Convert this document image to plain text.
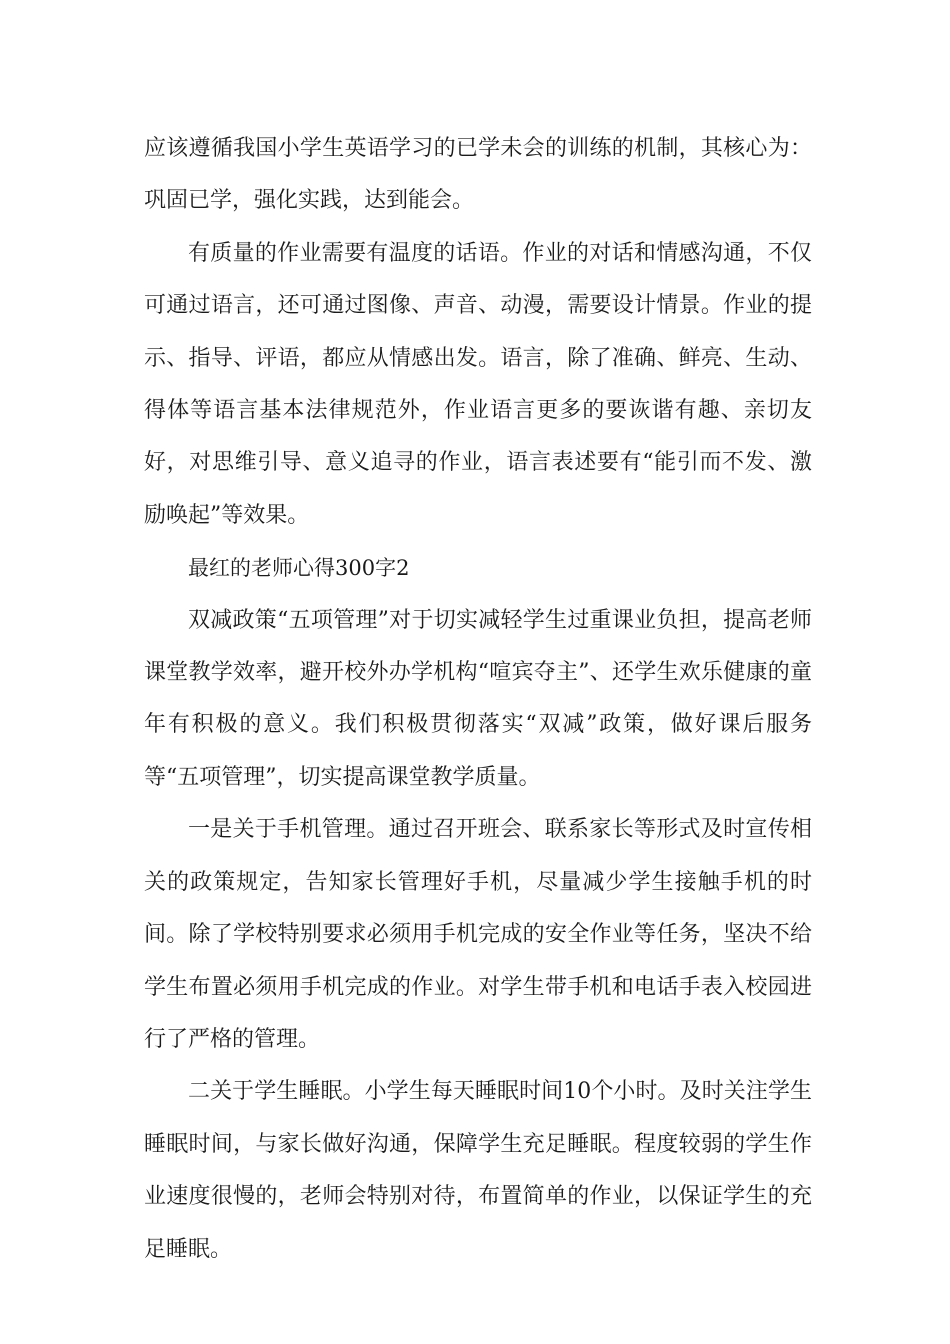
应该遵循我国小学生英语学习的已学未会的训练的机制，其核心为：巩固已学，强化实践，达到能会。

有质量的作业需要有温度的话语。作业的对话和情感沟通，不仅可通过语言，还可通过图像、声音、动漫，需要设计情景。作业的提示、指导、评语，都应从情感出发。语言，除了准确、鲜亮、生动、得体等语言基本法律规范外，作业语言更多的要诙谐有趣、亲切友好，对思维引导、意义追寻的作业，语言表述要有“能引而不发、激励唤起”等效果。

最红的老师心得300字2

双减政策“五项管理”对于切实减轻学生过重课业负担，提高老师课堂教学效率，避开校外办学机构“喧宾夺主”、还学生欢乐健康的童年有积极的意义。我们积极贯彻落实“双减”政策，做好课后服务等“五项管理”，切实提高课堂教学质量。

一是关于手机管理。通过召开班会、联系家长等形式及时宣传相关的政策规定，告知家长管理好手机，尽量减少学生接触手机的时间。除了学校特别要求必须用手机完成的安全作业等任务，坚决不给学生布置必须用手机完成的作业。对学生带手机和电话手表入校园进行了严格的管理。

二关于学生睡眠。小学生每天睡眠时间10个小时。及时关注学生睡眠时间，与家长做好沟通，保障学生充足睡眠。程度较弱的学生作业速度很慢的，老师会特别对待，布置简单的作业，以保证学生的充足睡眠。
